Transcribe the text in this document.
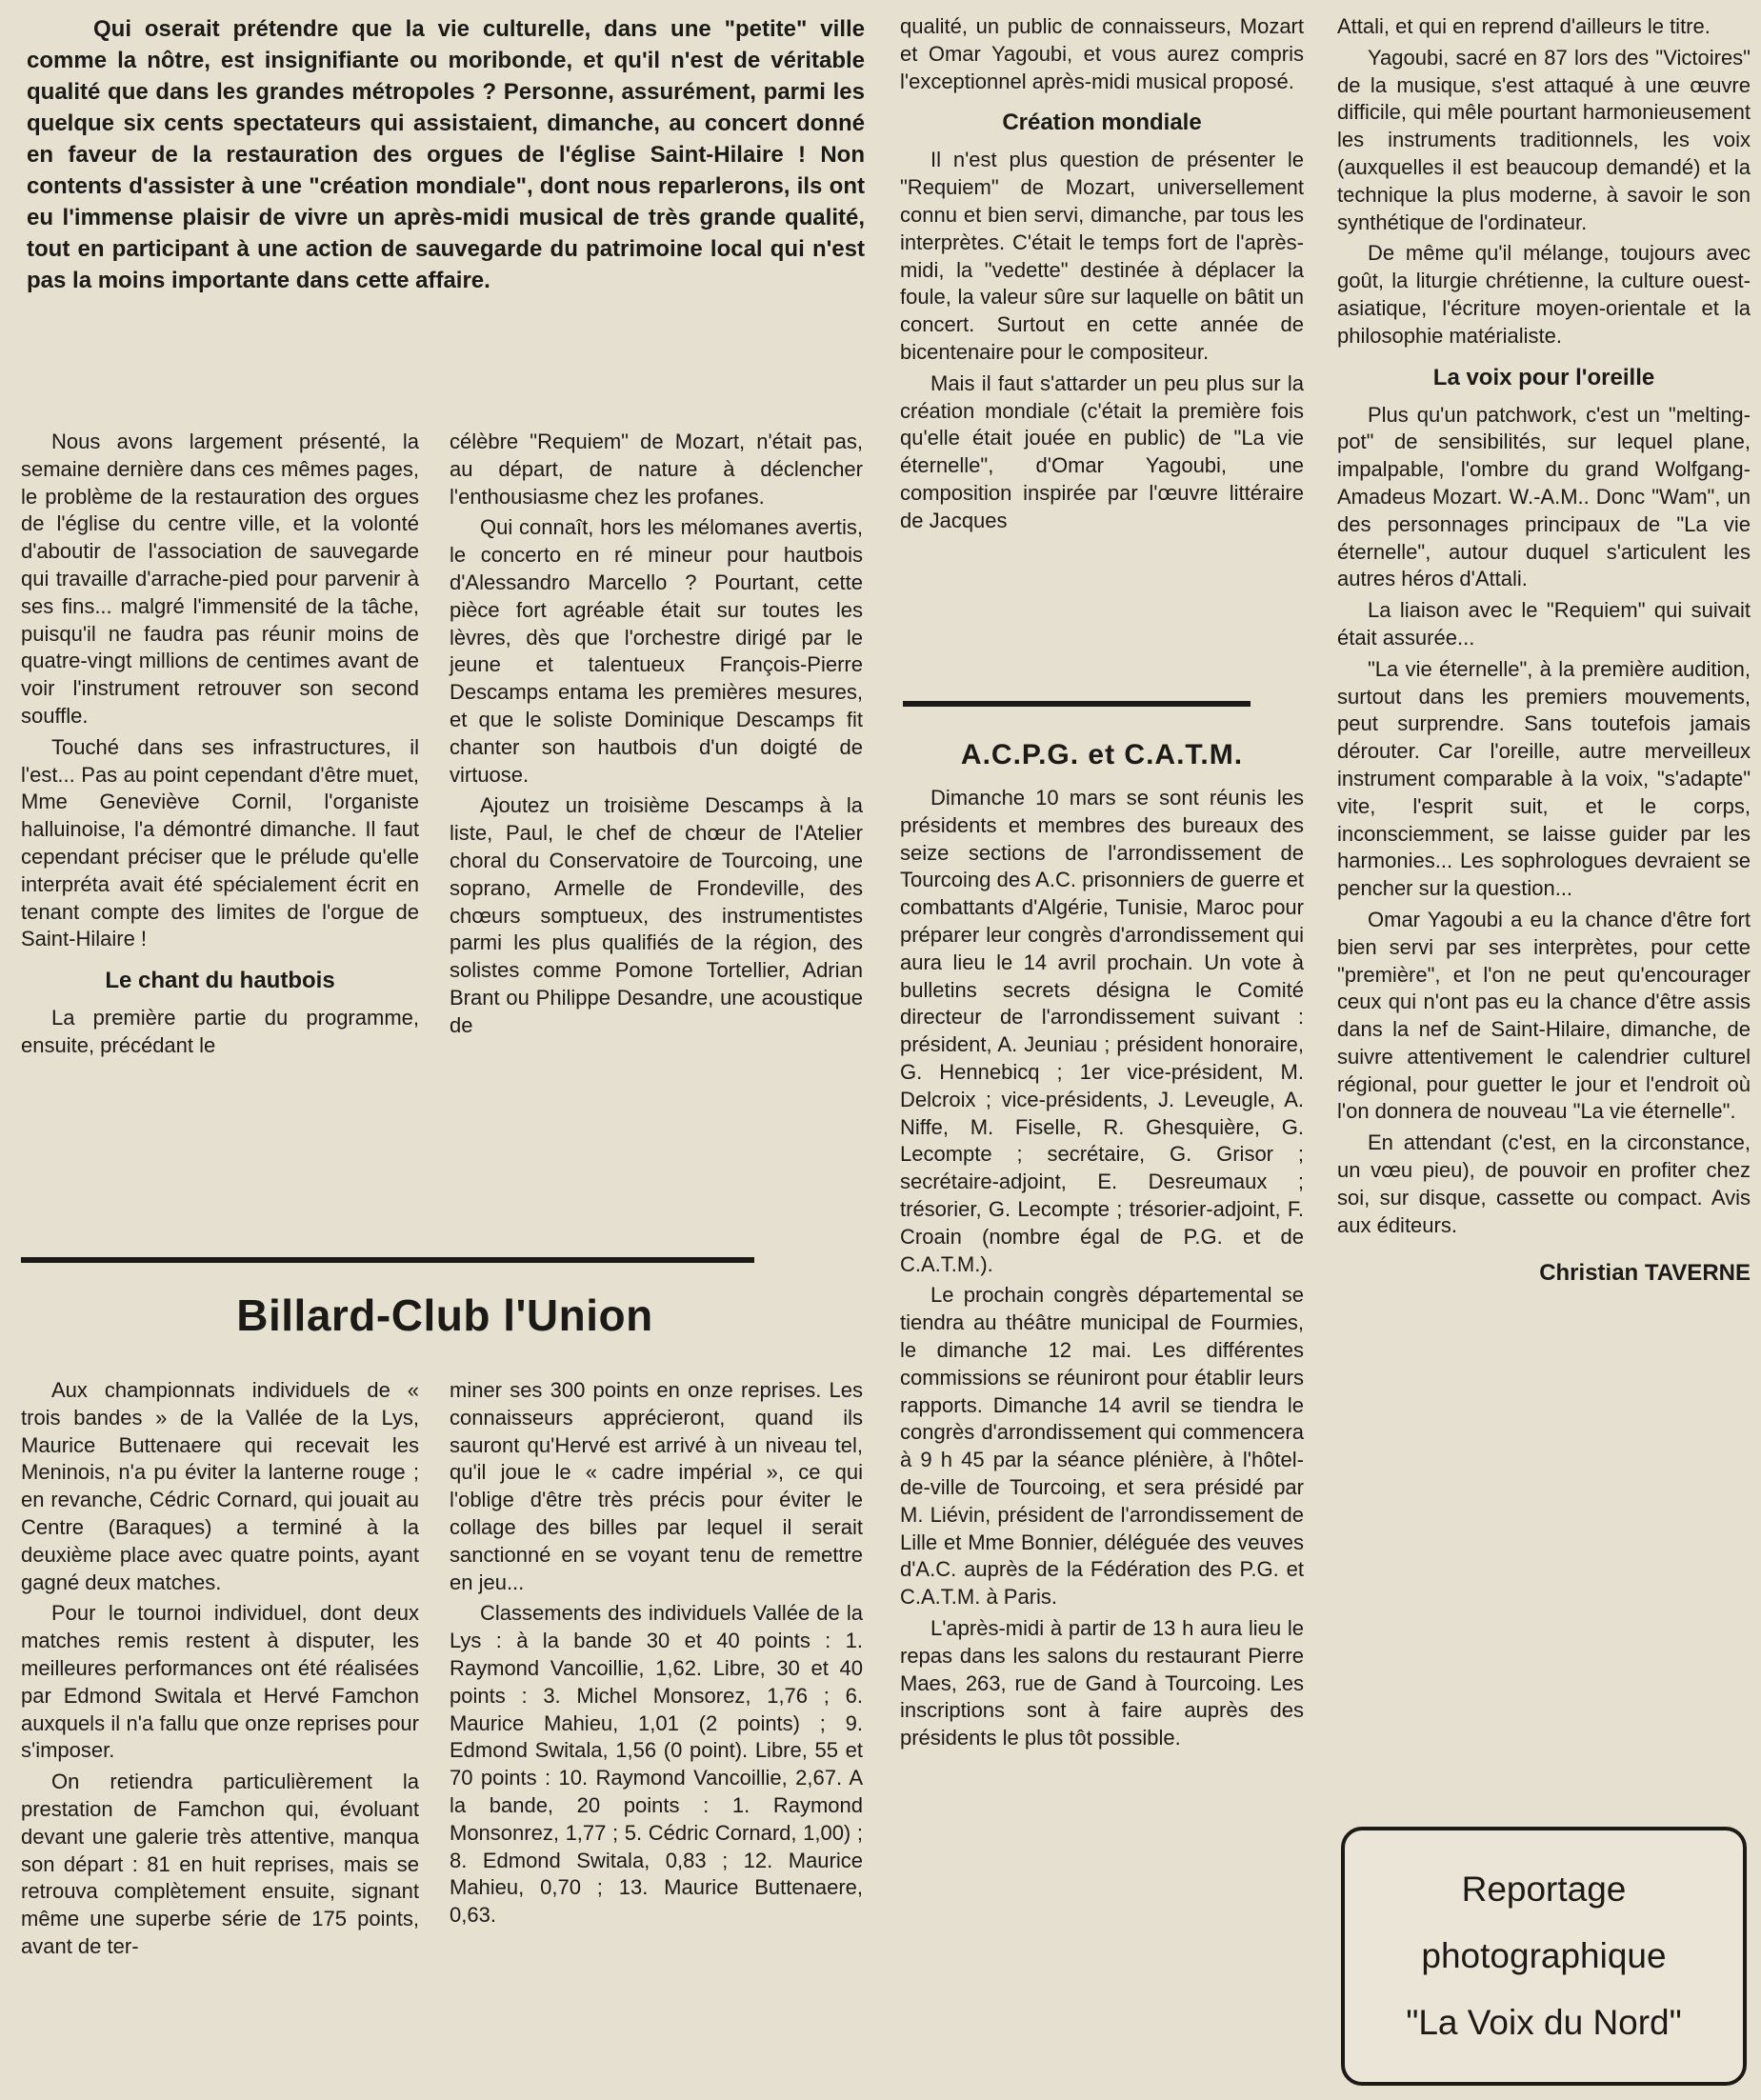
Qui oserait prétendre que la vie culturelle, dans une "petite" ville comme la nôtre, est insignifiante ou moribonde, et qu'il n'est de véritable qualité que dans les grandes métropoles ? Personne, assurément, parmi les quelque six cents spectateurs qui assistaient, dimanche, au concert donné en faveur de la restauration des orgues de l'église Saint-Hilaire ! Non contents d'assister à une "création mondiale", dont nous reparlerons, ils ont eu l'immense plaisir de vivre un après-midi musical de très grande qualité, tout en participant à une action de sauvegarde du patrimoine local qui n'est pas la moins importante dans cette affaire.

Nous avons largement présenté, la semaine dernière dans ces mêmes pages, le problème de la restauration des orgues de l'église du centre ville, et la volonté d'aboutir de l'association de sauvegarde qui travaille d'arrache-pied pour parvenir à ses fins... malgré l'immensité de la tâche, puisqu'il ne faudra pas réunir moins de quatre-vingt millions de centimes avant de voir l'instrument retrouver son second souffle.

Touché dans ses infrastructures, il l'est... Pas au point cependant d'être muet, Mme Geneviève Cornil, l'organiste halluinoise, l'a démontré dimanche. Il faut cependant préciser que le prélude qu'elle interpréta avait été spécialement écrit en tenant compte des limites de l'orgue de Saint-Hilaire !

Le chant du hautbois

La première partie du programme, ensuite, précédant le

célèbre "Requiem" de Mozart, n'était pas, au départ, de nature à déclencher l'enthousiasme chez les profanes.

Qui connaît, hors les mélomanes avertis, le concerto en ré mineur pour hautbois d'Alessandro Marcello ? Pourtant, cette pièce fort agréable était sur toutes les lèvres, dès que l'orchestre dirigé par le jeune et talentueux François-Pierre Descamps entama les premières mesures, et que le soliste Dominique Descamps fit chanter son hautbois d'un doigté de virtuose.

Ajoutez un troisième Descamps à la liste, Paul, le chef de chœur de l'Atelier choral du Conservatoire de Tourcoing, une soprano, Armelle de Frondeville, des chœurs somptueux, des instrumentistes parmi les plus qualifiés de la région, des solistes comme Pomone Tortellier, Adrian Brant ou Philippe Desandre, une acoustique de

qualité, un public de connaisseurs, Mozart et Omar Yagoubi, et vous aurez compris l'exceptionnel après-midi musical proposé.

Création mondiale

Il n'est plus question de présenter le "Requiem" de Mozart, universellement connu et bien servi, dimanche, par tous les interprètes. C'était le temps fort de l'après-midi, la "vedette" destinée à déplacer la foule, la valeur sûre sur laquelle on bâtit un concert. Surtout en cette année de bicentenaire pour le compositeur.

Mais il faut s'attarder un peu plus sur la création mondiale (c'était la première fois qu'elle était jouée en public) de "La vie éternelle", d'Omar Yagoubi, une composition inspirée par l'œuvre littéraire de Jacques

Attali, et qui en reprend d'ailleurs le titre.

Yagoubi, sacré en 87 lors des "Victoires" de la musique, s'est attaqué à une œuvre difficile, qui mêle pourtant harmonieusement les instruments traditionnels, les voix (auxquelles il est beaucoup demandé) et la technique la plus moderne, à savoir le son synthétique de l'ordinateur.

De même qu'il mélange, toujours avec goût, la liturgie chrétienne, la culture ouest-asiatique, l'écriture moyen-orientale et la philosophie matérialiste.

La voix pour l'oreille

Plus qu'un patchwork, c'est un "melting-pot" de sensibilités, sur lequel plane, impalpable, l'ombre du grand Wolfgang-Amadeus Mozart. W.-A.M.. Donc "Wam", un des personnages principaux de "La vie éternelle", autour duquel s'articulent les autres héros d'Attali.

La liaison avec le "Requiem" qui suivait était assurée...

"La vie éternelle", à la première audition, surtout dans les premiers mouvements, peut surprendre. Sans toutefois jamais dérouter. Car l'oreille, autre merveilleux instrument comparable à la voix, "s'adapte" vite, l'esprit suit, et le corps, inconsciemment, se laisse guider par les harmonies... Les sophrologues devraient se pencher sur la question...

Omar Yagoubi a eu la chance d'être fort bien servi par ses interprètes, pour cette "première", et l'on ne peut qu'encourager ceux qui n'ont pas eu la chance d'être assis dans la nef de Saint-Hilaire, dimanche, de suivre attentivement le calendrier culturel régional, pour guetter le jour et l'endroit où l'on donnera de nouveau "La vie éternelle".

En attendant (c'est, en la circonstance, un vœu pieu), de pouvoir en profiter chez soi, sur disque, cassette ou compact. Avis aux éditeurs.

Christian TAVERNE
A.C.P.G. et C.A.T.M.

Dimanche 10 mars se sont réunis les présidents et membres des bureaux des seize sections de l'arrondissement de Tourcoing des A.C. prisonniers de guerre et combattants d'Algérie, Tunisie, Maroc pour préparer leur congrès d'arrondissement qui aura lieu le 14 avril prochain. Un vote à bulletins secrets désigna le Comité directeur de l'arrondissement suivant : président, A. Jeuniau ; président honoraire, G. Hennebicq ; 1er vice-président, M. Delcroix ; vice-présidents, J. Leveugle, A. Niffe, M. Fiselle, R. Ghesquière, G. Lecompte ; secrétaire, G. Grisor ; secrétaire-adjoint, E. Desreumaux ; trésorier, G. Lecompte ; trésorier-adjoint, F. Croain (nombre égal de P.G. et de C.A.T.M.).

Le prochain congrès départemental se tiendra au théâtre municipal de Fourmies, le dimanche 12 mai. Les différentes commissions se réuniront pour établir leurs rapports. Dimanche 14 avril se tiendra le congrès d'arrondissement qui commencera à 9 h 45 par la séance plénière, à l'hôtel-de-ville de Tourcoing, et sera présidé par M. Liévin, président de l'arrondissement de Lille et Mme Bonnier, déléguée des veuves d'A.C. auprès de la Fédération des P.G. et C.A.T.M. à Paris.

L'après-midi à partir de 13 h aura lieu le repas dans les salons du restaurant Pierre Maes, 263, rue de Gand à Tourcoing. Les inscriptions sont à faire auprès des présidents le plus tôt possible.

Billard-Club l'Union

Aux championnats individuels de « trois bandes » de la Vallée de la Lys, Maurice Buttenaere qui recevait les Meninois, n'a pu éviter la lanterne rouge ; en revanche, Cédric Cornard, qui jouait au Centre (Baraques) a terminé à la deuxième place avec quatre points, ayant gagné deux matches.

Pour le tournoi individuel, dont deux matches remis restent à disputer, les meilleures performances ont été réalisées par Edmond Switala et Hervé Famchon auxquels il n'a fallu que onze reprises pour s'imposer.

On retiendra particulièrement la prestation de Famchon qui, évoluant devant une galerie très attentive, manqua son départ : 81 en huit reprises, mais se retrouva complètement ensuite, signant même une superbe série de 175 points, avant de ter-

miner ses 300 points en onze reprises. Les connaisseurs apprécieront, quand ils sauront qu'Hervé est arrivé à un niveau tel, qu'il joue le « cadre impérial », ce qui l'oblige d'être très précis pour éviter le collage des billes par lequel il serait sanctionné en se voyant tenu de remettre en jeu...

Classements des individuels Vallée de la Lys : à la bande 30 et 40 points : 1. Raymond Vancoillie, 1,62. Libre, 30 et 40 points : 3. Michel Monsorez, 1,76 ; 6. Maurice Mahieu, 1,01 (2 points) ; 9. Edmond Switala, 1,56 (0 point). Libre, 55 et 70 points : 10. Raymond Vancoillie, 2,67. A la bande, 20 points : 1. Raymond Monsonrez, 1,77 ; 5. Cédric Cornard, 1,00) ; 8. Edmond Switala, 0,83 ; 12. Maurice Mahieu, 0,70 ; 13. Maurice Buttenaere, 0,63.

Reportage
photographique
"La Voix du Nord"
